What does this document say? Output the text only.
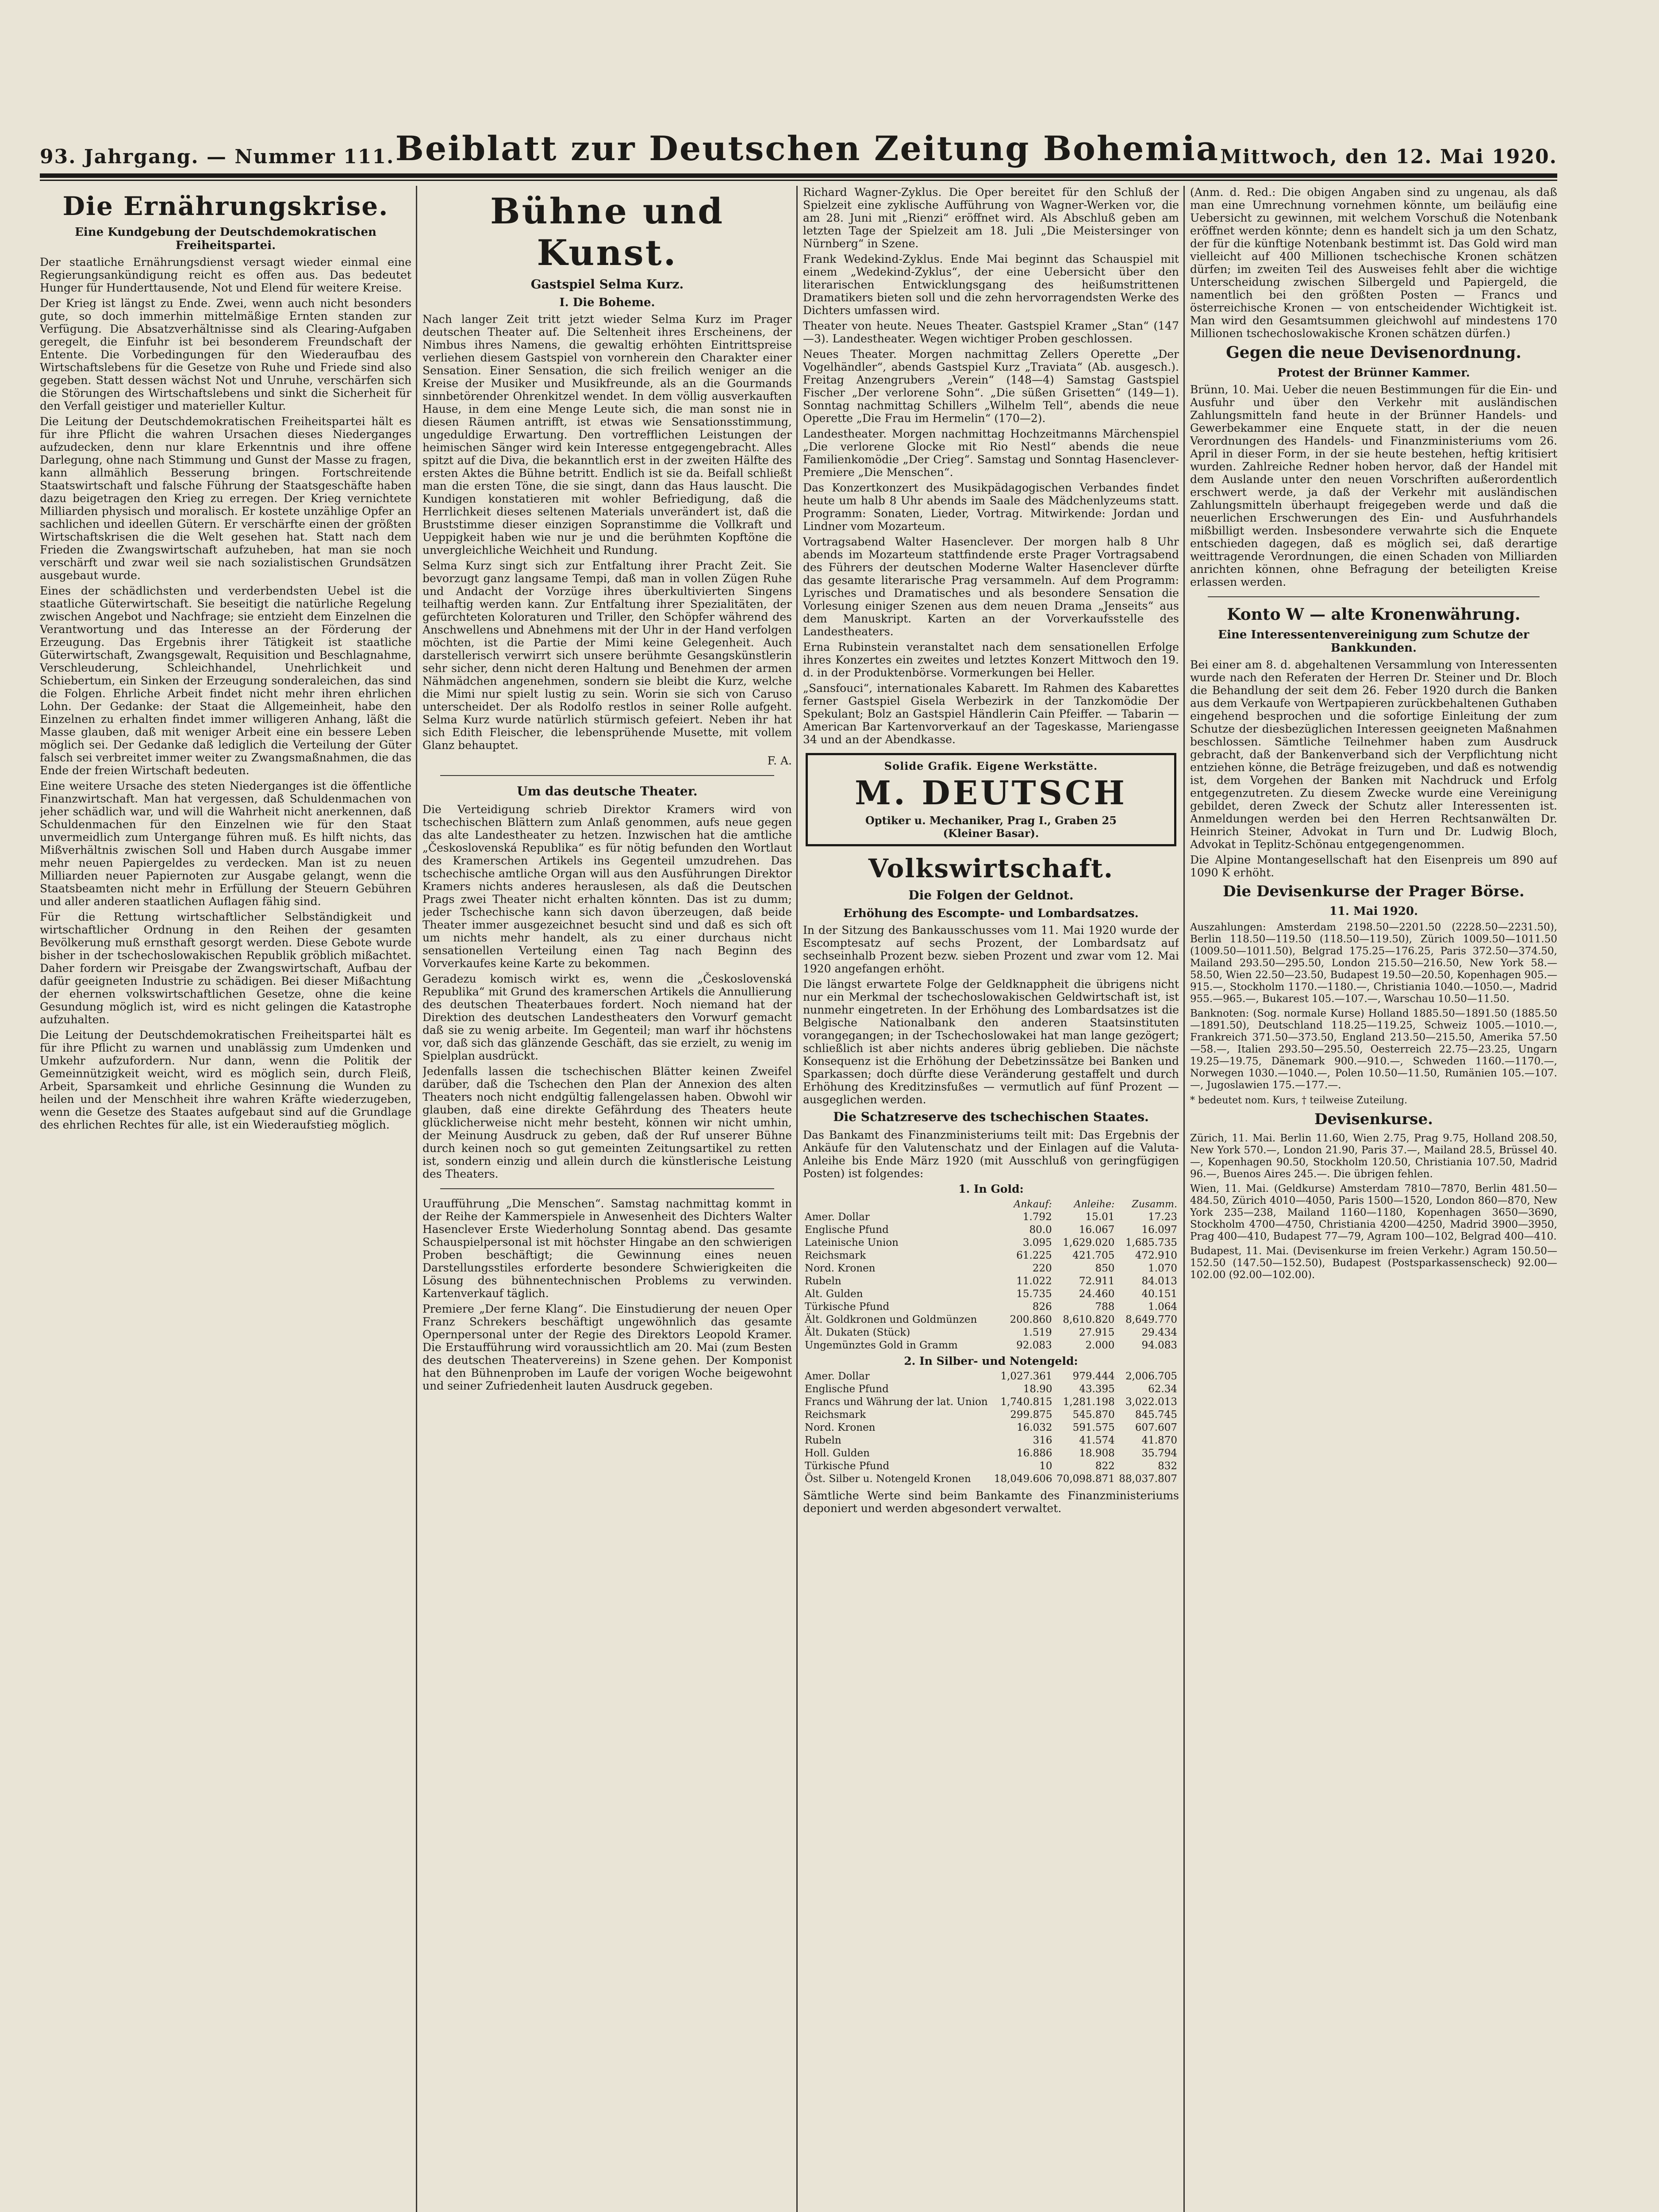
93. Jahrgang. — Nummer 111. Beiblatt zur Deutschen Zeitung Bohemia Mittwoch, den 12. Mai 1920.
Die Ernährungskrise.
Eine Kundgebung der Deutschdemokratischen Freiheitspartei.

Der staatliche Ernährungsdienst versagt wieder einmal eine Regierungsankündigung reicht es offen aus. Das bedeutet Hunger für Hunderttausende, Not und Elend für weitere Kreise.

Der Krieg ist längst zu Ende. Zwei, wenn auch nicht besonders gute, so doch immerhin mittelmäßige Ernten standen zur Verfügung. Die Absatzverhältnisse sind als Clearing-Aufgaben geregelt, die Einfuhr ist bei besonderem Freundschaft der Entente. Die Vorbedingungen für den Wiederaufbau des Wirtschaftslebens für die Gesetze von Ruhe und Friede sind also gegeben. Statt dessen wächst Not und Unruhe, verschärfen sich die Störungen des Wirtschaftslebens und sinkt die Sicherheit für den Verfall geistiger und materieller Kultur.

Die Leitung der Deutschdemokratischen Freiheitspartei hält es für ihre Pflicht die wahren Ursachen dieses Niederganges aufzudecken, denn nur klare Erkenntnis und ihre offene Darlegung, ohne nach Stimmung und Gunst der Masse zu fragen, kann allmählich Besserung bringen. Fortschreitende Staatswirtschaft und falsche Führung der Staatsgeschäfte haben dazu beigetragen den Krieg zu erregen. Der Krieg vernichtete Milliarden physisch und moralisch. Er kostete unzählige Opfer an sachlichen und ideellen Gütern. Er verschärfte einen der größten Wirtschaftskrisen die die Welt gesehen hat. Statt nach dem Frieden die Zwangswirtschaft aufzuheben, hat man sie noch verschärft und zwar weil sie nach sozialistischen Grundsätzen ausgebaut wurde.

Eines der schädlichsten und verderbendsten Uebel ist die staatliche Güterwirtschaft. Sie beseitigt die natürliche Regelung zwischen Angebot und Nachfrage; sie entzieht dem Einzelnen die Verantwortung und das Interesse an der Förderung der Erzeugung. Das Ergebnis ihrer Tätigkeit ist staatliche Güterwirtschaft, Zwangsgewalt, Requisition und Beschlagnahme, Verschleuderung, Schleichhandel, Unehrlichkeit und Schiebertum, ein Sinken der Erzeugung sonderaleichen, das sind die Folgen. Ehrliche Arbeit findet nicht mehr ihren ehrlichen Lohn. Der Gedanke: der Staat die Allgemeinheit, habe den Einzelnen zu erhalten findet immer willigeren Anhang, läßt die Masse glauben, daß mit weniger Arbeit eine ein bessere Leben möglich sei. Der Gedanke daß lediglich die Verteilung der Güter falsch sei verbreitet immer weiter zu Zwangsmaßnahmen, die das Ende der freien Wirtschaft bedeuten.

Eine weitere Ursache des steten Niederganges ist die öffentliche Finanzwirtschaft. Man hat vergessen, daß Schuldenmachen von jeher schädlich war, und will die Wahrheit nicht anerkennen, daß Schuldenmachen für den Einzelnen wie für den Staat unvermeidlich zum Untergange führen muß. Es hilft nichts, das Mißverhältnis zwischen Soll und Haben durch Ausgabe immer mehr neuen Papiergeldes zu verdecken. Man ist zu neuen Milliarden neuer Papiernoten zur Ausgabe gelangt, wenn die Staatsbeamten nicht mehr in Erfüllung der Steuern Gebühren und aller anderen staatlichen Auflagen fähig sind.

Für die Rettung wirtschaftlicher Selbständigkeit und wirtschaftlicher Ordnung in den Reihen der gesamten Bevölkerung muß ernsthaft gesorgt werden. Diese Gebote wurde bisher in der tschechoslowakischen Republik gröblich mißachtet. Daher fordern wir Preisgabe der Zwangswirtschaft, Aufbau der dafür geeigneten Industrie zu schädigen. Bei dieser Mißachtung der ehernen volkswirtschaftlichen Gesetze, ohne die keine Gesundung möglich ist, wird es nicht gelingen die Katastrophe aufzuhalten.

Die Leitung der Deutschdemokratischen Freiheitspartei hält es für ihre Pflicht zu warnen und unablässig zum Umdenken und Umkehr aufzufordern. Nur dann, wenn die Politik der Gemeinnützigkeit weicht, wird es möglich sein, durch Fleiß, Arbeit, Sparsamkeit und ehrliche Gesinnung die Wunden zu heilen und der Menschheit ihre wahren Kräfte wiederzugeben, wenn die Gesetze des Staates aufgebaut sind auf die Grundlage des ehrlichen Rechtes für alle, ist ein Wiederaufstieg möglich.

Bühne und Kunst.
Gastspiel Selma Kurz.
I. Die Boheme.

Nach langer Zeit tritt jetzt wieder Selma Kurz im Prager deutschen Theater auf. Die Seltenheit ihres Erscheinens, der Nimbus ihres Namens, die gewaltig erhöhten Eintrittspreise verliehen diesem Gastspiel von vornherein den Charakter einer Sensation. Einer Sensation, die sich freilich weniger an die Kreise der Musiker und Musikfreunde, als an die Gourmands sinnbetörender Ohrenkitzel wendet. In dem völlig ausverkauften Hause, in dem eine Menge Leute sich, die man sonst nie in diesen Räumen antrifft, ist etwas wie Sensationsstimmung, ungeduldige Erwartung. Den vortrefflichen Leistungen der heimischen Sänger wird kein Interesse entgegengebracht. Alles spitzt auf die Diva, die bekanntlich erst in der zweiten Hälfte des ersten Aktes die Bühne betritt. Endlich ist sie da. Beifall schließt man die ersten Töne, die sie singt, dann das Haus lauscht. Die Kundigen konstatieren mit wohler Befriedigung, daß die Herrlichkeit dieses seltenen Materials unverändert ist, daß die Bruststimme dieser einzigen Sopranstimme die Vollkraft und Ueppigkeit haben wie nur je und die berühmten Kopftöne die unvergleichliche Weichheit und Rundung.

Selma Kurz singt sich zur Entfaltung ihrer Pracht Zeit. Sie bevorzugt ganz langsame Tempi, daß man in vollen Zügen Ruhe und Andacht der Vorzüge ihres überkultivierten Singens teilhaftig werden kann. Zur Entfaltung ihrer Spezialitäten, der gefürchteten Koloraturen und Triller, den Schöpfer während des Anschwellens und Abnehmens mit der Uhr in der Hand verfolgen möchten, ist die Partie der Mimi keine Gelegenheit. Auch darstellerisch verwirrt sich unsere berühmte Gesangskünstlerin sehr sicher, denn nicht deren Haltung und Benehmen der armen Nähmädchen angenehmen, sondern sie bleibt die Kurz, welche die Mimi nur spielt lustig zu sein. Worin sie sich von Caruso unterscheidet. Der als Rodolfo restlos in seiner Rolle aufgeht. Selma Kurz wurde natürlich stürmisch gefeiert. Neben ihr hat sich Edith Fleischer, die lebensprühende Musette, mit vollem Glanz behauptet.

F. A.

Um das deutsche Theater.

Die Verteidigung schrieb Direktor Kramers wird von tschechischen Blättern zum Anlaß genommen, aufs neue gegen das alte Landestheater zu hetzen. Inzwischen hat die amtliche „Československá Republika“ es für nötig befunden den Wortlaut des Kramerschen Artikels ins Gegenteil umzudrehen. Das tschechische amtliche Organ will aus den Ausführungen Direktor Kramers nichts anderes herauslesen, als daß die Deutschen Prags zwei Theater nicht erhalten könnten. Das ist zu dumm; jeder Tschechische kann sich davon überzeugen, daß beide Theater immer ausgezeichnet besucht sind und daß es sich oft um nichts mehr handelt, als zu einer durchaus nicht sensationellen Verteilung einen Tag nach Beginn des Vorverkaufes keine Karte zu bekommen.

Geradezu komisch wirkt es, wenn die „Československá Republika“ mit Grund des kramerschen Artikels die Annullierung des deutschen Theaterbaues fordert. Noch niemand hat der Direktion des deutschen Landestheaters den Vorwurf gemacht daß sie zu wenig arbeite. Im Gegenteil; man warf ihr höchstens vor, daß sich das glänzende Geschäft, das sie erzielt, zu wenig im Spielplan ausdrückt.

Jedenfalls lassen die tschechischen Blätter keinen Zweifel darüber, daß die Tschechen den Plan der Annexion des alten Theaters noch nicht endgültig fallengelassen haben. Obwohl wir glauben, daß eine direkte Gefährdung des Theaters heute glücklicherweise nicht mehr besteht, können wir nicht umhin, der Meinung Ausdruck zu geben, daß der Ruf unserer Bühne durch keinen noch so gut gemeinten Zeitungsartikel zu retten ist, sondern einzig und allein durch die künstlerische Leistung des Theaters.

Uraufführung „Die Menschen“. Samstag nachmittag kommt in der Reihe der Kammerspiele in Anwesenheit des Dichters Walter Hasenclever Erste Wiederholung Sonntag abend. Das gesamte Schauspielpersonal ist mit höchster Hingabe an den schwierigen Proben beschäftigt; die Gewinnung eines neuen Darstellungsstiles erforderte besondere Schwierigkeiten die Lösung des bühnentechnischen Problems zu verwinden. Kartenverkauf täglich.

Premiere „Der ferne Klang“. Die Einstudierung der neuen Oper Franz Schrekers beschäftigt ungewöhnlich das gesamte Opernpersonal unter der Regie des Direktors Leopold Kramer. Die Erstaufführung wird voraussichtlich am 20. Mai (zum Besten des deutschen Theatervereins) in Szene gehen. Der Komponist hat den Bühnenproben im Laufe der vorigen Woche beigewohnt und seiner Zufriedenheit lauten Ausdruck gegeben.

Richard Wagner-Zyklus. Die Oper bereitet für den Schluß der Spielzeit eine zyklische Aufführung von Wagner-Werken vor, die am 28. Juni mit „Rienzi“ eröffnet wird. Als Abschluß geben am letzten Tage der Spielzeit am 18. Juli „Die Meistersinger von Nürnberg“ in Szene.

Frank Wedekind-Zyklus. Ende Mai beginnt das Schauspiel mit einem „Wedekind-Zyklus“, der eine Uebersicht über den literarischen Entwicklungsgang des heißumstrittenen Dramatikers bieten soll und die zehn hervorragendsten Werke des Dichters umfassen wird.

Theater von heute. Neues Theater. Gastspiel Kramer „Stan“ (147—3). Landestheater. Wegen wichtiger Proben geschlossen.

Neues Theater. Morgen nachmittag Zellers Operette „Der Vogelhändler“, abends Gastspiel Kurz „Traviata“ (Ab. ausgesch.). Freitag Anzengrubers „Verein“ (148—4) Samstag Gastspiel Fischer „Der verlorene Sohn“. „Die süßen Grisetten“ (149—1). Sonntag nachmittag Schillers „Wilhelm Tell“, abends die neue Operette „Die Frau im Hermelin“ (170—2).

Landestheater. Morgen nachmittag Hochzeitmanns Märchenspiel „Die verlorene Glocke mit Rio Nestl“ abends die neue Familienkomödie „Der Crieg“. Samstag und Sonntag Hasenclever-Premiere „Die Menschen“.

Das Konzertkonzert des Musikpädagogischen Verbandes findet heute um halb 8 Uhr abends im Saale des Mädchenlyzeums statt. Programm: Sonaten, Lieder, Vortrag. Mitwirkende: Jordan und Lindner vom Mozarteum.

Vortragsabend Walter Hasenclever. Der morgen halb 8 Uhr abends im Mozarteum stattfindende erste Prager Vortragsabend des Führers der deutschen Moderne Walter Hasenclever dürfte das gesamte literarische Prag versammeln. Auf dem Programm: Lyrisches und Dramatisches und als besondere Sensation die Vorlesung einiger Szenen aus dem neuen Drama „Jenseits“ aus dem Manuskript. Karten an der Vorverkaufsstelle des Landestheaters.

Erna Rubinstein veranstaltet nach dem sensationellen Erfolge ihres Konzertes ein zweites und letztes Konzert Mittwoch den 19. d. in der Produktenbörse. Vormerkungen bei Heller.

„Sansfouci“, internationales Kabarett. Im Rahmen des Kabarettes ferner Gastspiel Gisela Werbezirk in der Tanzkomödie Der Spekulant; Bolz an Gastspiel Händlerin Cain Pfeiffer. — Tabarin — American Bar Kartenvorverkauf an der Tageskasse, Mariengasse 34 und an der Abendkasse.

Solide Grafik. Eigene Werkstätte.
M. DEUTSCH
Optiker u. Mechaniker, Prag I., Graben 25
(Kleiner Basar).
Volkswirtschaft.
Die Folgen der Geldnot.
Erhöhung des Escompte- und Lombardsatzes.

In der Sitzung des Bankausschusses vom 11. Mai 1920 wurde der Escomptesatz auf sechs Prozent, der Lombardsatz auf sechseinhalb Prozent bezw. sieben Prozent und zwar vom 12. Mai 1920 angefangen erhöht.

Die längst erwartete Folge der Geldknappheit die übrigens nicht nur ein Merkmal der tschechoslowakischen Geldwirtschaft ist, ist nunmehr eingetreten. In der Erhöhung des Lombardsatzes ist die Belgische Nationalbank den anderen Staatsinstituten vorangegangen; in der Tschechoslowakei hat man lange gezögert; schließlich ist aber nichts anderes übrig geblieben. Die nächste Konsequenz ist die Erhöhung der Debetzinssätze bei Banken und Sparkassen; doch dürfte diese Veränderung gestaffelt und durch Erhöhung des Kreditzinsfußes — vermutlich auf fünf Prozent — ausgeglichen werden.

Die Schatzreserve des tschechischen Staates.

Das Bankamt des Finanzministeriums teilt mit: Das Ergebnis der Ankäufe für den Valutenschatz und der Einlagen auf die Valuta-Anleihe bis Ende März 1920 (mit Ausschluß von geringfügigen Posten) ist folgendes:

1. In Gold:
	Ankauf:	Anleihe:	Zusamm.
Amer. Dollar	1.792	15.01	17.23
Englische Pfund	80.0	16.067	16.097
Lateinische Union	3.095	1,629.020	1,685.735
Reichsmark	61.225	421.705	472.910
Nord. Kronen	220	850	1.070
Rubeln	11.022	72.911	84.013
Alt. Gulden	15.735	24.460	40.151
Türkische Pfund	826	788	1.064
Ält. Goldkronen und Goldmünzen	200.860	8,610.820	8,649.770
Ält. Dukaten (Stück)	1.519	27.915	29.434
Ungemünztes Gold in Gramm	92.083	2.000	94.083
2. In Silber- und Notengeld:
Amer. Dollar	1,027.361	979.444	2,006.705
Englische Pfund	18.90	43.395	62.34
Francs und Währung der lat. Union	1,740.815	1,281.198	3,022.013
Reichsmark	299.875	545.870	845.745
Nord. Kronen	16.032	591.575	607.607
Rubeln	316	41.574	41.870
Holl. Gulden	16.886	18.908	35.794
Türkische Pfund	10	822	832
Öst. Silber u. Notengeld Kronen	18,049.606	70,098.871	88,037.807

Sämtliche Werte sind beim Bankamte des Finanzministeriums deponiert und werden abgesondert verwaltet.

(Anm. d. Red.: Die obigen Angaben sind zu ungenau, als daß man eine Umrechnung vornehmen könnte, um beiläufig eine Uebersicht zu gewinnen, mit welchem Vorschuß die Notenbank eröffnet werden könnte; denn es handelt sich ja um den Schatz, der für die künftige Notenbank bestimmt ist. Das Gold wird man vielleicht auf 400 Millionen tschechische Kronen schätzen dürfen; im zweiten Teil des Ausweises fehlt aber die wichtige Unterscheidung zwischen Silbergeld und Papiergeld, die namentlich bei den größten Posten — Francs und österreichische Kronen — von entscheidender Wichtigkeit ist. Man wird den Gesamtsummen gleichwohl auf mindestens 170 Millionen tschechoslowakische Kronen schätzen dürfen.)

Gegen die neue Devisenordnung.
Protest der Brünner Kammer.

Brünn, 10. Mai. Ueber die neuen Bestimmungen für die Ein- und Ausfuhr und über den Verkehr mit ausländischen Zahlungsmitteln fand heute in der Brünner Handels- und Gewerbekammer eine Enquete statt, in der die neuen Verordnungen des Handels- und Finanzministeriums vom 26. April in dieser Form, in der sie heute bestehen, heftig kritisiert wurden. Zahlreiche Redner hoben hervor, daß der Handel mit dem Auslande unter den neuen Vorschriften außerordentlich erschwert werde, ja daß der Verkehr mit ausländischen Zahlungsmitteln überhaupt freigegeben werde und daß die neuerlichen Erschwerungen des Ein- und Ausfuhrhandels mißbilligt werden. Insbesondere verwahrte sich die Enquete entschieden dagegen, daß es möglich sei, daß derartige weittragende Verordnungen, die einen Schaden von Milliarden anrichten können, ohne Befragung der beteiligten Kreise erlassen werden.

Konto W — alte Kronenwährung.
Eine Interessentenvereinigung zum Schutze der Bankkunden.

Bei einer am 8. d. abgehaltenen Versammlung von Interessenten wurde nach den Referaten der Herren Dr. Steiner und Dr. Bloch die Behandlung der seit dem 26. Feber 1920 durch die Banken aus dem Verkaufe von Wertpapieren zurückbehaltenen Guthaben eingehend besprochen und die sofortige Einleitung der zum Schutze der diesbezüglichen Interessen geeigneten Maßnahmen beschlossen. Sämtliche Teilnehmer haben zum Ausdruck gebracht, daß der Bankenverband sich der Verpflichtung nicht entziehen könne, die Beträge freizugeben, und daß es notwendig ist, dem Vorgehen der Banken mit Nachdruck und Erfolg entgegenzutreten. Zu diesem Zwecke wurde eine Vereinigung gebildet, deren Zweck der Schutz aller Interessenten ist. Anmeldungen werden bei den Herren Rechtsanwälten Dr. Heinrich Steiner, Advokat in Turn und Dr. Ludwig Bloch, Advokat in Teplitz-Schönau entgegengenommen.

Die Alpine Montangesellschaft hat den Eisenpreis um 890 auf 1090 K erhöht.

Die Devisenkurse der Prager Börse.
11. Mai 1920.

Auszahlungen: Amsterdam 2198.50—2201.50 (2228.50—2231.50), Berlin 118.50—119.50 (118.50—119.50), Zürich 1009.50—1011.50 (1009.50—1011.50), Belgrad 175.25—176.25, Paris 372.50—374.50, Mailand 293.50—295.50, London 215.50—216.50, New York 58.—58.50, Wien 22.50—23.50, Budapest 19.50—20.50, Kopenhagen 905.—915.—, Stockholm 1170.—1180.—, Christiania 1040.—1050.—, Madrid 955.—965.—, Bukarest 105.—107.—, Warschau 10.50—11.50.

Banknoten: (Sog. normale Kurse) Holland 1885.50—1891.50 (1885.50—1891.50), Deutschland 118.25—119.25, Schweiz 1005.—1010.—, Frankreich 371.50—373.50, England 213.50—215.50, Amerika 57.50—58.—, Italien 293.50—295.50, Oesterreich 22.75—23.25, Ungarn 19.25—19.75, Dänemark 900.—910.—, Schweden 1160.—1170.—, Norwegen 1030.—1040.—, Polen 10.50—11.50, Rumänien 105.—107.—, Jugoslawien 175.—177.—.

* bedeutet nom. Kurs, † teilweise Zuteilung.

Devisenkurse.

Zürich, 11. Mai. Berlin 11.60, Wien 2.75, Prag 9.75, Holland 208.50, New York 570.—, London 21.90, Paris 37.—, Mailand 28.5, Brüssel 40.—, Kopenhagen 90.50, Stockholm 120.50, Christiania 107.50, Madrid 96.—, Buenos Aires 245.—. Die übrigen fehlen.

Wien, 11. Mai. (Geldkurse) Amsterdam 7810—7870, Berlin 481.50—484.50, Zürich 4010—4050, Paris 1500—1520, London 860—870, New York 235—238, Mailand 1160—1180, Kopenhagen 3650—3690, Stockholm 4700—4750, Christiania 4200—4250, Madrid 3900—3950, Prag 400—410, Budapest 77—79, Agram 100—102, Belgrad 400—410.

Budapest, 11. Mai. (Devisenkurse im freien Verkehr.) Agram 150.50—152.50 (147.50—152.50), Budapest (Postsparkassenscheck) 92.00—102.00 (92.00—102.00).
